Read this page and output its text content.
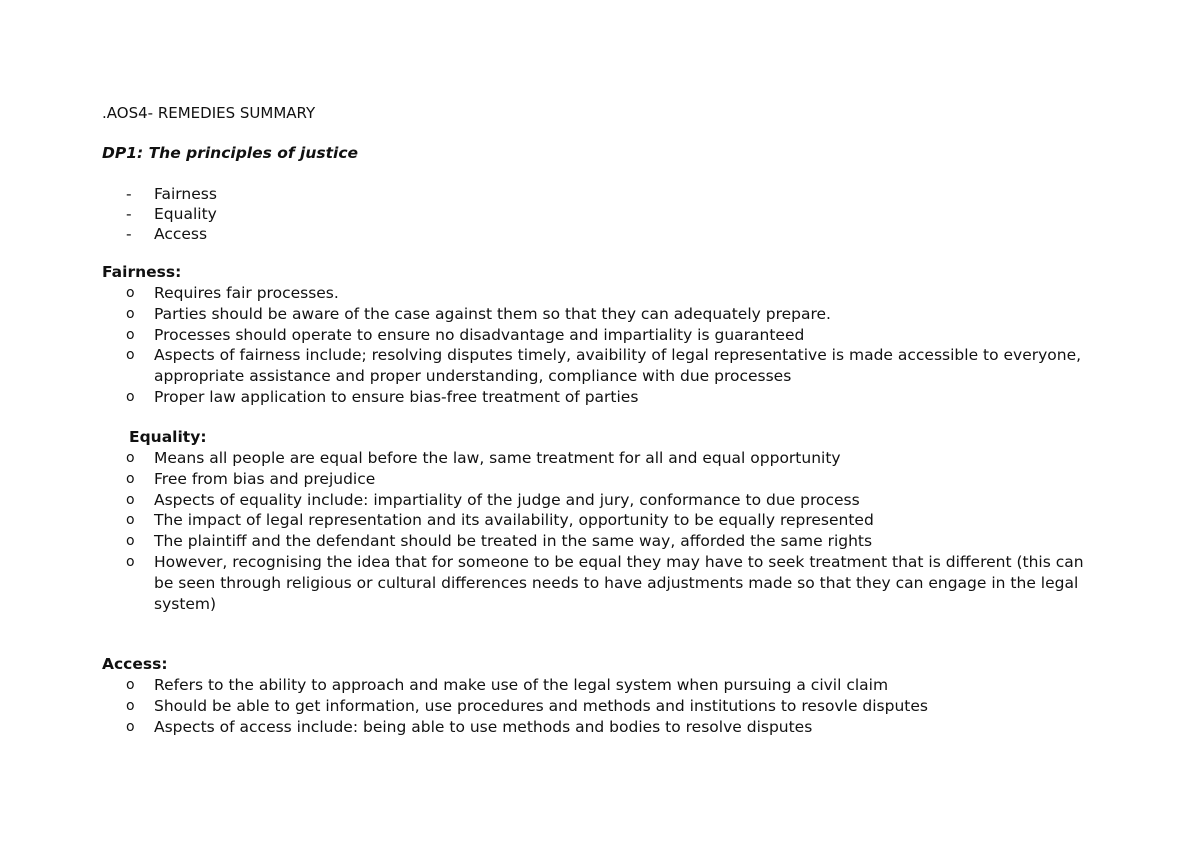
.AOS4- REMEDIES SUMMARY
DP1: The principles of justice
- Fairness
- Equality
- Access
Fairness:
o Requires fair processes.
o Parties should be aware of the case against them so that they can adequately prepare.
o Processes should operate to ensure no disadvantage and impartiality is guaranteed
o Aspects of fairness include; resolving disputes timely, avaibility of legal representative is made accessible to everyone, appropriate assistance and proper understanding, compliance with due processes
o Proper law application to ensure bias-free treatment of parties
Equality:
o Means all people are equal before the law, same treatment for all and equal opportunity
o Free from bias and prejudice
o Aspects of equality include: impartiality of the judge and jury, conformance to due process
o The impact of legal representation and its availability, opportunity to be equally represented
o The plaintiff and the defendant should be treated in the same way, afforded the same rights
o However, recognising the idea that for someone to be equal they may have to seek treatment that is different (this can be seen through religious or cultural differences needs to have adjustments made so that they can engage in the legal system)
Access:
o Refers to the ability to approach and make use of the legal system when pursuing a civil claim
o Should be able to get information, use procedures and methods and institutions to resovle disputes
o Aspects of access include: being able to use methods and bodies to resolve disputes
